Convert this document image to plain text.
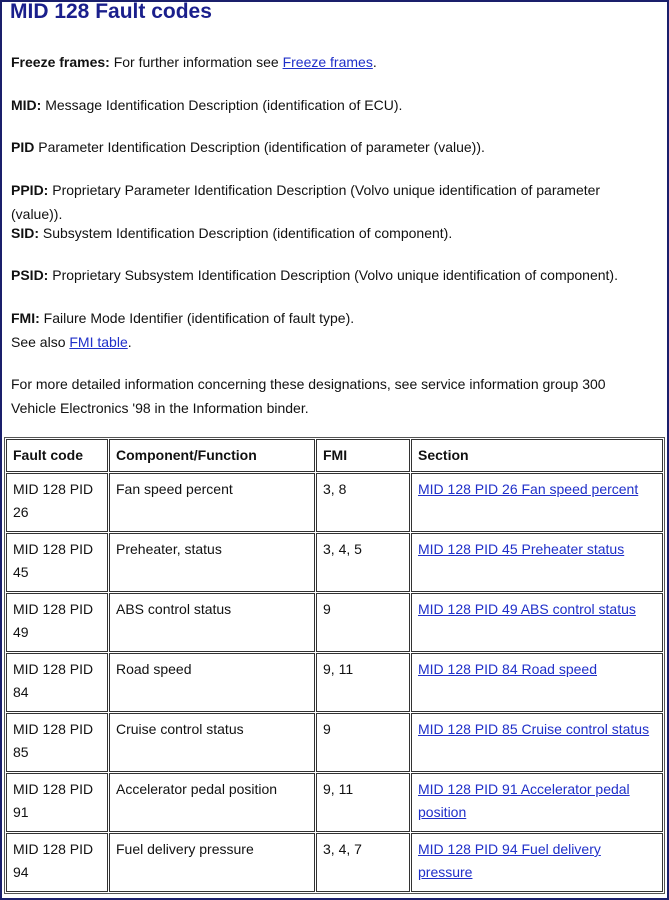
MID 128 Fault codes
Freeze frames: For further information see Freeze frames.
MID: Message Identification Description (identification of ECU).
PID Parameter Identification Description (identification of parameter (value)).
PPID: Proprietary Parameter Identification Description (Volvo unique identification of parameter (value)).
SID: Subsystem Identification Description (identification of component).
PSID: Proprietary Subsystem Identification Description (Volvo unique identification of component).
FMI: Failure Mode Identifier (identification of fault type).
See also FMI table.
For more detailed information concerning these designations, see service information group 300 Vehicle Electronics '98 in the Information binder.
Fault code	Component/Function	FMI	Section
MID 128 PID 26	Fan speed percent	3, 8	MID 128 PID 26 Fan speed percent
MID 128 PID 45	Preheater, status	3, 4, 5	MID 128 PID 45 Preheater status
MID 128 PID 49	ABS control status	9	MID 128 PID 49 ABS control status
MID 128 PID 84	Road speed	9, 11	MID 128 PID 84 Road speed
MID 128 PID 85	Cruise control status	9	MID 128 PID 85 Cruise control status
MID 128 PID 91	Accelerator pedal position	9, 11	MID 128 PID 91 Accelerator pedal position
MID 128 PID 94	Fuel delivery pressure	3, 4, 7	MID 128 PID 94 Fuel delivery pressure
